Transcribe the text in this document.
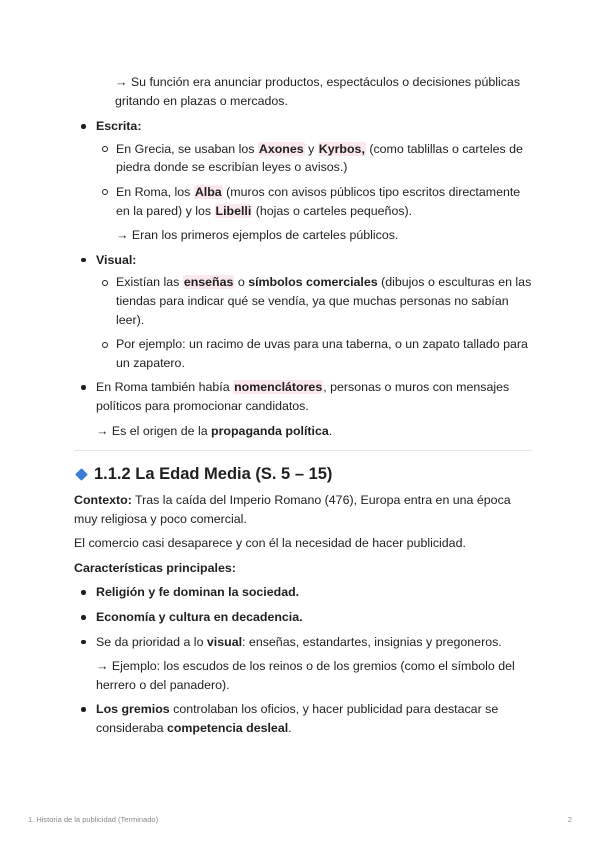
→ Su función era anunciar productos, espectáculos o decisiones públicas gritando en plazas o mercados.

Escrita:
En Grecia, se usaban los Axones y Kyrbos, (como tablillas o carteles de piedra donde se escribían leyes o avisos.)
En Roma, los Alba (muros con avisos públicos tipo escritos directamente en la pared) y los Libelli (hojas o carteles pequeños).

→ Eran los primeros ejemplos de carteles públicos.

Visual:
Existían las enseñas o símbolos comerciales (dibujos o esculturas en las tiendas para indicar qué se vendía, ya que muchas personas no sabían leer).
Por ejemplo: un racimo de uvas para una taberna, o un zapato tallado para un zapatero.

En Roma también había nomenclátores, personas o muros con mensajes políticos para promocionar candidatos.

→ Es el origen de la propaganda política.

1.1.2 La Edad Media (S. 5 – 15)

Contexto: Tras la caída del Imperio Romano (476), Europa entra en una época muy religiosa y poco comercial.

El comercio casi desaparece y con él la necesidad de hacer publicidad.

Características principales:

Religión y fe dominan la sociedad.
Economía y cultura en decadencia.

Se da prioridad a lo visual: enseñas, estandartes, insignias y pregoneros.

→ Ejemplo: los escudos de los reinos o de los gremios (como el símbolo del herrero o del panadero).

Los gremios controlaban los oficios, y hacer publicidad para destacar se consideraba competencia desleal.
1. Historia de la publicidad (Terminado)	2
